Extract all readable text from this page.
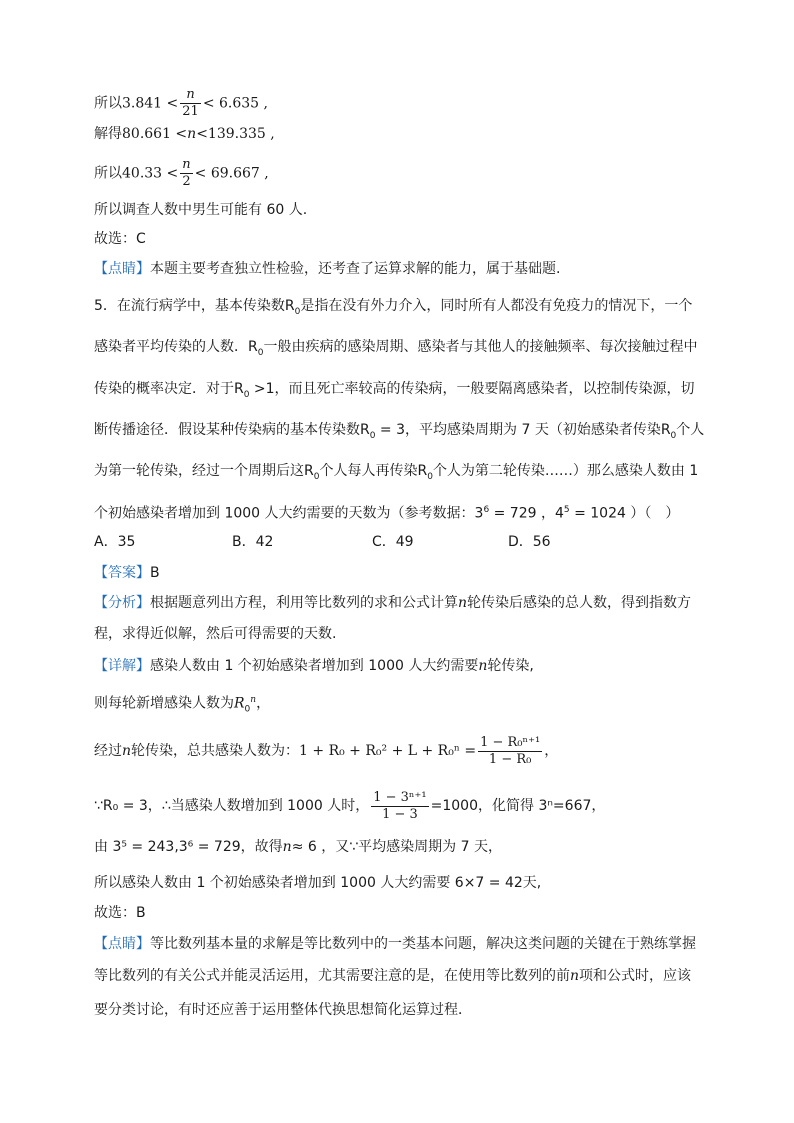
所以$3.841 < \frac{n}{21} < 6.635$ ,
解得80.661 <n<139.335 ,
所以$40.33 < \frac{n}{2} < 69.667$ ,
所以调查人数中男生可能有 60 人.
故选：C
【点睛】本题主要考查独立性检验，还考查了运算求解的能力，属于基础题.
5．在流行病学中，基本传染数$R_0$是指在没有外力介入，同时所有人都没有免疫力的情况下，一个
感染者平均传染的人数．$R_0$一般由疾病的感染周期、感染者与其他人的接触频率、每次接触过程中
传染的概率决定．对于$R_0 >1$，而且死亡率较高的传染病，一般要隔离感染者，以控制传染源，切
断传播途径．假设某种传染病的基本传染数$R_0 = 3$，平均感染周期为 7 天（初始感染者传染$R_0$个人
为第一轮传染，经过一个周期后这$R_0$个人每人再传染$R_0$个人为第二轮传染……）那么感染人数由 1
个初始感染者增加到 1000 人大约需要的天数为（参考数据：$3^6 = 729$ ，$4^5 = 1024$ ）（　）
A．35	B．42	C．49	D．56
【答案】B
【分析】根据题意列出方程，利用等比数列的求和公式计算n轮传染后感染的总人数，得到指数方
程，求得近似解，然后可得需要的天数.
【详解】感染人数由 1 个初始感染者增加到 1000 人大约需要n轮传染,
则每轮新增感染人数为$R_0^n$，
经过n轮传染，总共感染人数为：$1 + R_0 + R_0^2 + L + R_0^n = \frac{\text{1 − R₀ⁿ⁺¹}}{\text{1 − R₀}}$ ，
∵R₀ = 3，∴当感染人数增加到 1000 人时， $\frac{\text{1 − 3ⁿ⁺¹}}{1 - 3} =1000$，化简得 3ⁿ=667，
由 3⁵ = 243,3⁶ = 729，故得n≈ 6 ，又∵平均感染周期为 7 天，
所以感染人数由 1 个初始感染者增加到 1000 人大约需要 6×7 = 42天,
故选：B
【点睛】等比数列基本量的求解是等比数列中的一类基本问题，解决这类问题的关键在于熟练掌握
等比数列的有关公式并能灵活运用，尤其需要注意的是，在使用等比数列的前n项和公式时，应该
要分类讨论，有时还应善于运用整体代换思想简化运算过程．
